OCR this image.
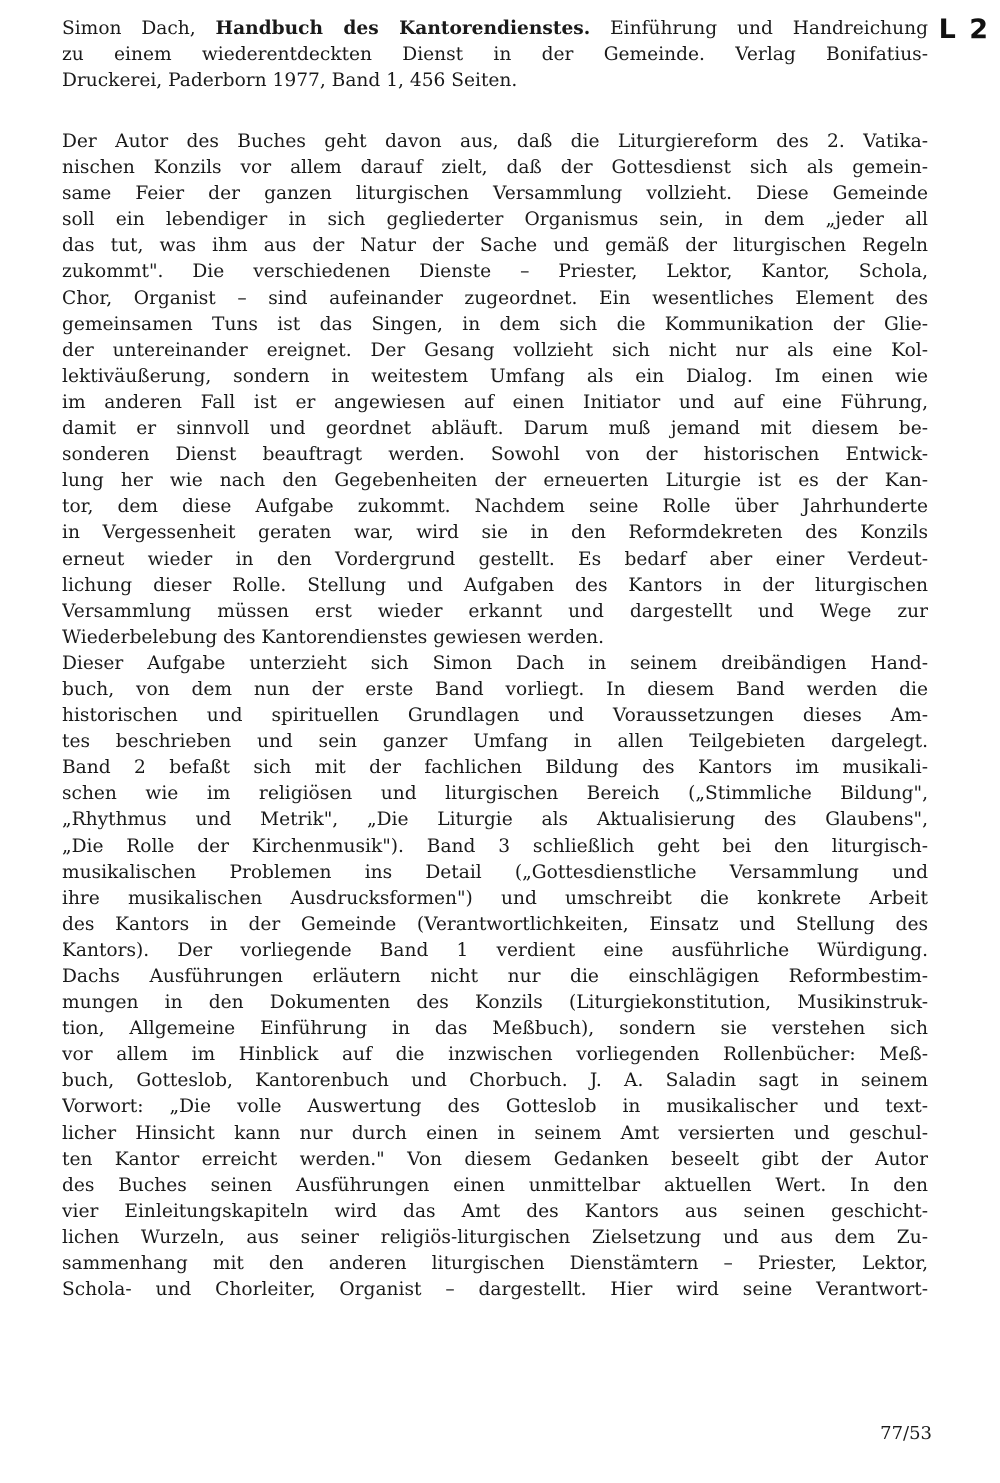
L 2
Simon Dach, Handbuch des Kantorendienstes. Einführung und Handreichung
zu einem wiederentdeckten Dienst in der Gemeinde. Verlag Bonifatius-
Druckerei, Paderborn 1977, Band 1, 456 Seiten.
Der Autor des Buches geht davon aus, daß die Liturgiereform des 2. Vatika-
nischen Konzils vor allem darauf zielt, daß der Gottesdienst sich als gemein-
same Feier der ganzen liturgischen Versammlung vollzieht. Diese Gemeinde
soll ein lebendiger in sich gegliederter Organismus sein, in dem „jeder all
das tut, was ihm aus der Natur der Sache und gemäß der liturgischen Regeln
zukommt". Die verschiedenen Dienste – Priester, Lektor, Kantor, Schola,
Chor, Organist – sind aufeinander zugeordnet. Ein wesentliches Element des
gemeinsamen Tuns ist das Singen, in dem sich die Kommunikation der Glie-
der untereinander ereignet. Der Gesang vollzieht sich nicht nur als eine Kol-
lektiväußerung, sondern in weitestem Umfang als ein Dialog. Im einen wie
im anderen Fall ist er angewiesen auf einen Initiator und auf eine Führung,
damit er sinnvoll und geordnet abläuft. Darum muß jemand mit diesem be-
sonderen Dienst beauftragt werden. Sowohl von der historischen Entwick-
lung her wie nach den Gegebenheiten der erneuerten Liturgie ist es der Kan-
tor, dem diese Aufgabe zukommt. Nachdem seine Rolle über Jahrhunderte
in Vergessenheit geraten war, wird sie in den Reformdekreten des Konzils
erneut wieder in den Vordergrund gestellt. Es bedarf aber einer Verdeut-
lichung dieser Rolle. Stellung und Aufgaben des Kantors in der liturgischen
Versammlung müssen erst wieder erkannt und dargestellt und Wege zur
Wiederbelebung des Kantorendienstes gewiesen werden.
Dieser Aufgabe unterzieht sich Simon Dach in seinem dreibändigen Hand-
buch, von dem nun der erste Band vorliegt. In diesem Band werden die
historischen und spirituellen Grundlagen und Voraussetzungen dieses Am-
tes beschrieben und sein ganzer Umfang in allen Teilgebieten dargelegt.
Band 2 befaßt sich mit der fachlichen Bildung des Kantors im musikali-
schen wie im religiösen und liturgischen Bereich („Stimmliche Bildung",
„Rhythmus und Metrik", „Die Liturgie als Aktualisierung des Glaubens",
„Die Rolle der Kirchenmusik"). Band 3 schließlich geht bei den liturgisch-
musikalischen Problemen ins Detail („Gottesdienstliche Versammlung und
ihre musikalischen Ausdrucksformen") und umschreibt die konkrete Arbeit
des Kantors in der Gemeinde (Verantwortlichkeiten, Einsatz und Stellung des
Kantors). Der vorliegende Band 1 verdient eine ausführliche Würdigung.
Dachs Ausführungen erläutern nicht nur die einschlägigen Reformbestim-
mungen in den Dokumenten des Konzils (Liturgiekonstitution, Musikinstruk-
tion, Allgemeine Einführung in das Meßbuch), sondern sie verstehen sich
vor allem im Hinblick auf die inzwischen vorliegenden Rollenbücher: Meß-
buch, Gotteslob, Kantorenbuch und Chorbuch. J. A. Saladin sagt in seinem
Vorwort: „Die volle Auswertung des Gotteslob in musikalischer und text-
licher Hinsicht kann nur durch einen in seinem Amt versierten und geschul-
ten Kantor erreicht werden." Von diesem Gedanken beseelt gibt der Autor
des Buches seinen Ausführungen einen unmittelbar aktuellen Wert. In den
vier Einleitungskapiteln wird das Amt des Kantors aus seinen geschicht-
lichen Wurzeln, aus seiner religiös-liturgischen Zielsetzung und aus dem Zu-
sammenhang mit den anderen liturgischen Dienstämtern – Priester, Lektor,
Schola- und Chorleiter, Organist – dargestellt. Hier wird seine Verantwort-
77/53
